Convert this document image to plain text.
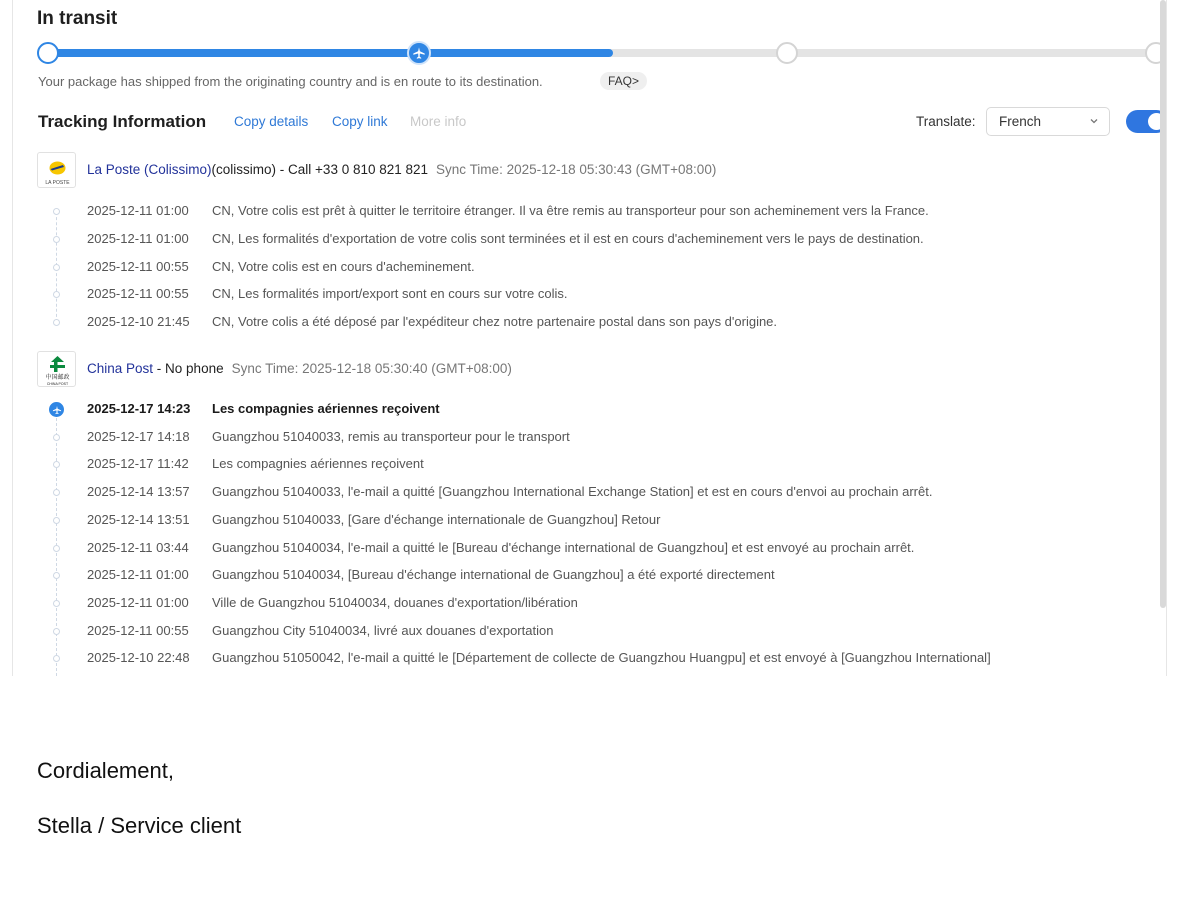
In transit
Your package has shipped from the originating country and is en route to its destination.	FAQ>
Tracking Information Copy details Copy link More info	Translate: French
LA POSTE
La Poste (Colissimo)(colissimo) - Call +33 0 810 821 821 Sync Time: 2025-12-18 05:30:43 (GMT+08:00)
2025-12-11 01:00 CN, Votre colis est prêt à quitter le territoire étranger. Il va être remis au transporteur pour son acheminement vers la France.
2025-12-11 01:00 CN, Les formalités d'exportation de votre colis sont terminées et il est en cours d'acheminement vers le pays de destination.
2025-12-11 00:55 CN, Votre colis est en cours d'acheminement.
2025-12-11 00:55 CN, Les formalités import/export sont en cours sur votre colis.
2025-12-10 21:45 CN, Votre colis a été déposé par l'expéditeur chez notre partenaire postal dans son pays d'origine.
中国邮政
CHINA POST
China Post - No phone Sync Time: 2025-12-18 05:30:40 (GMT+08:00)
2025-12-17 14:23 Les compagnies aériennes reçoivent
2025-12-17 14:18 Guangzhou 51040033, remis au transporteur pour le transport
2025-12-17 11:42 Les compagnies aériennes reçoivent
2025-12-14 13:57 Guangzhou 51040033, l'e-mail a quitté [Guangzhou International Exchange Station] et est en cours d'envoi au prochain arrêt.
2025-12-14 13:51 Guangzhou 51040033, [Gare d'échange internationale de Guangzhou] Retour
2025-12-11 03:44 Guangzhou 51040034, l'e-mail a quitté le [Bureau d'échange international de Guangzhou] et est envoyé au prochain arrêt.
2025-12-11 01:00 Guangzhou 51040034, [Bureau d'échange international de Guangzhou] a été exporté directement
2025-12-11 01:00 Ville de Guangzhou 51040034, douanes d'exportation/libération
2025-12-11 00:55 Guangzhou City 51040034, livré aux douanes d'exportation
2025-12-10 22:48 Guangzhou 51050042, l'e-mail a quitté le [Département de collecte de Guangzhou Huangpu] et est envoyé à [Guangzhou International]
Cordialement,
Stella / Service client
